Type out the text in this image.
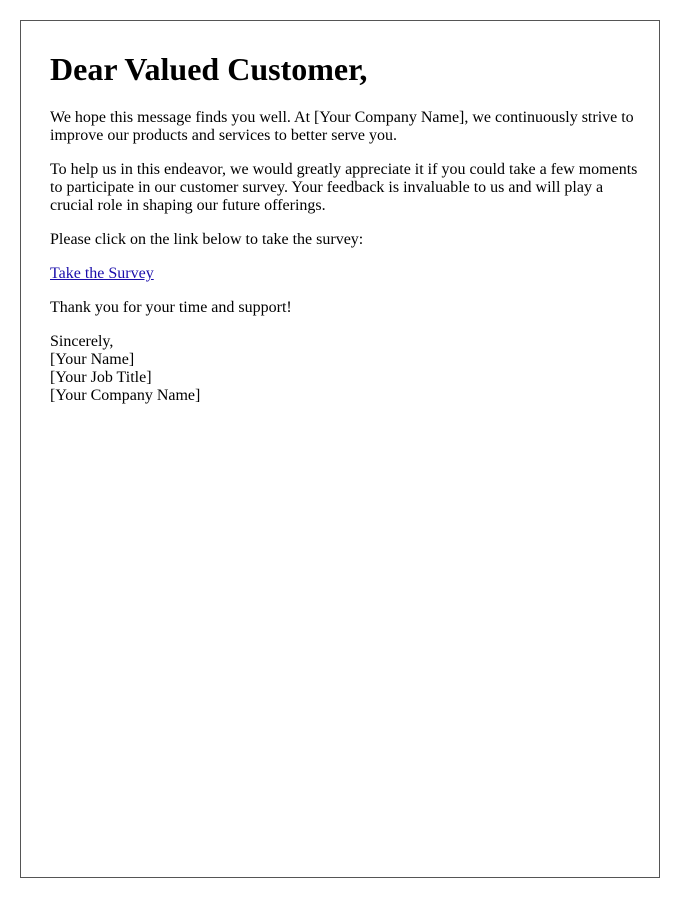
Dear Valued Customer,

We hope this message finds you well. At [Your Company Name], we continuously strive to improve our products and services to better serve you.

To help us in this endeavor, we would greatly appreciate it if you could take a few moments to participate in our customer survey. Your feedback is invaluable to us and will play a crucial role in shaping our future offerings.

Please click on the link below to take the survey:

Take the Survey

Thank you for your time and support!

Sincerely,
[Your Name]
[Your Job Title]
[Your Company Name]
